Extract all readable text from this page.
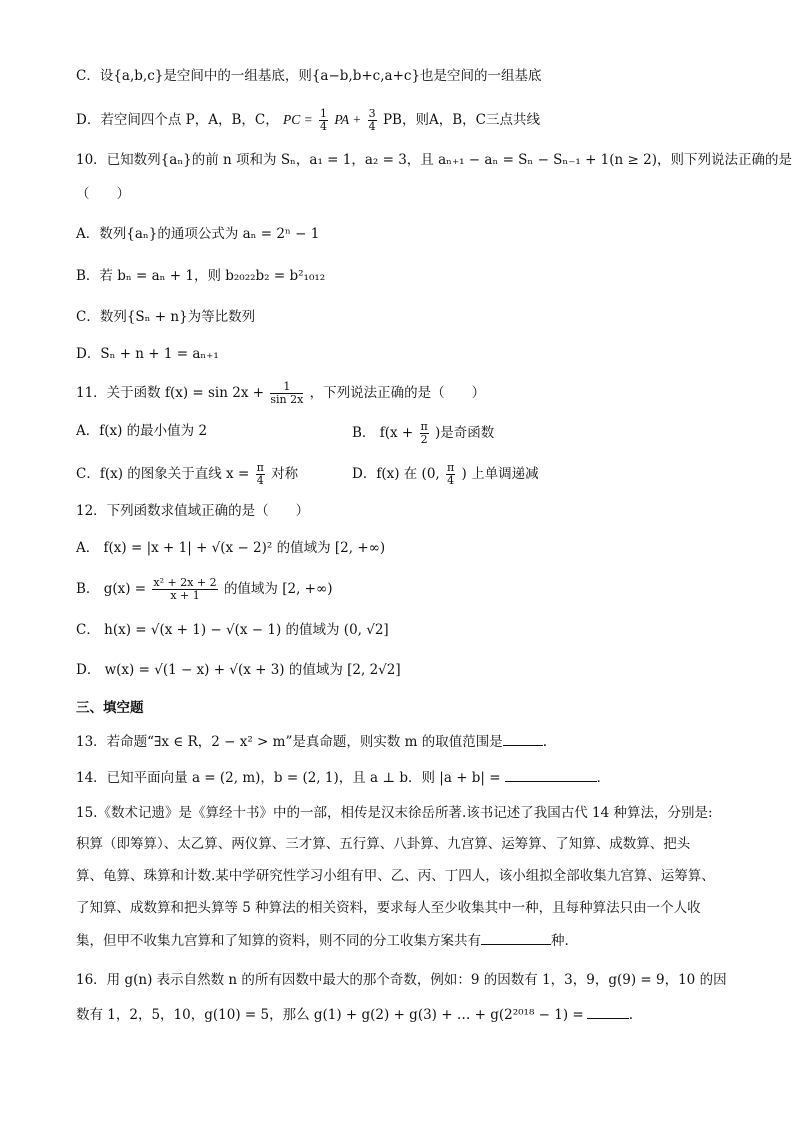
C．设{a,b,c}是空间中的一组基底，则{a−b,b+c,a+c}也是空间的一组基底
D．若空间四个点 P，A，B，C， PC = $\frac{1}{4}$ PA + $\frac{3}{4}$ PB，则A，B，C三点共线
10．已知数列{aₙ}的前 n 项和为 Sₙ，a₁ = 1，a₂ = 3，且 aₙ₊₁ − aₙ = Sₙ − Sₙ₋₁ + 1(n ≥ 2)，则下列说法正确的是
（　　）
A．数列{aₙ}的通项公式为 aₙ = 2ⁿ − 1
B．若 bₙ = aₙ + 1，则 b₂₀₂₂b₂ = b²₁₀₁₂
C．数列{Sₙ + n}为等比数列
D．Sₙ + n + 1 = aₙ₊₁
11．关于函数 $f(x) = \sin 2x + \frac{1}{\sin 2x}$ ，下列说法正确的是（　　）
A．f(x) 的最小值为 2	B． $f(x + \frac{\pi}{2}$ )是奇函数
C．f(x) 的图象关于直线 $x = \frac{\pi}{4}$ 对称	D．f(x) 在 (0, $\frac{\pi}{4}$ ) 上单调递减
12．下列函数求值域正确的是（　　）
A． f(x) = |x + 1| + √(x − 2)² 的值域为 [2, +∞)
B． $g(x) = \frac{\text{x² + 2x + 2}}{x + 1}$ 的值域为 [2, +∞)
C． h(x) = √(x + 1) − √(x − 1) 的值域为 (0, √2]
D． w(x) = √(1 − x) + √(x + 3) 的值域为 [2, 2√2]
三、填空题
13．若命题“∃x ∈ R，2 − x² > m”是真命题，则实数 m 的取值范围是	.
14．已知平面向量 a = (2, m)，b = (2, 1)，且 a ⊥ b．则 |a + b| =	．
15.《数术记遗》是《算经十书》中的一部，相传是汉末徐岳所著.该书记述了我国古代 14 种算法，分别是:
积算（即筹算）、太乙算、两仪算、三才算、五行算、八卦算、九宫算、运筹算、了知算、成数算、把头
算、龟算、珠算和计数.某中学研究性学习小组有甲、乙、丙、丁四人，该小组拟全部收集九宫算、运筹算、
了知算、成数算和把头算等 5 种算法的相关资料，要求每人至少收集其中一种，且每种算法只由一个人收
集，但甲不收集九宫算和了知算的资料，则不同的分工收集方案共有	种.
16．用 g(n) 表示自然数 n 的所有因数中最大的那个奇数，例如：9 的因数有 1，3，9，g(9) = 9，10 的因
数有 1，2，5，10，g(10) = 5，那么 g(1) + g(2) + g(3) + … + g(2²⁰¹⁸ − 1) =	.
